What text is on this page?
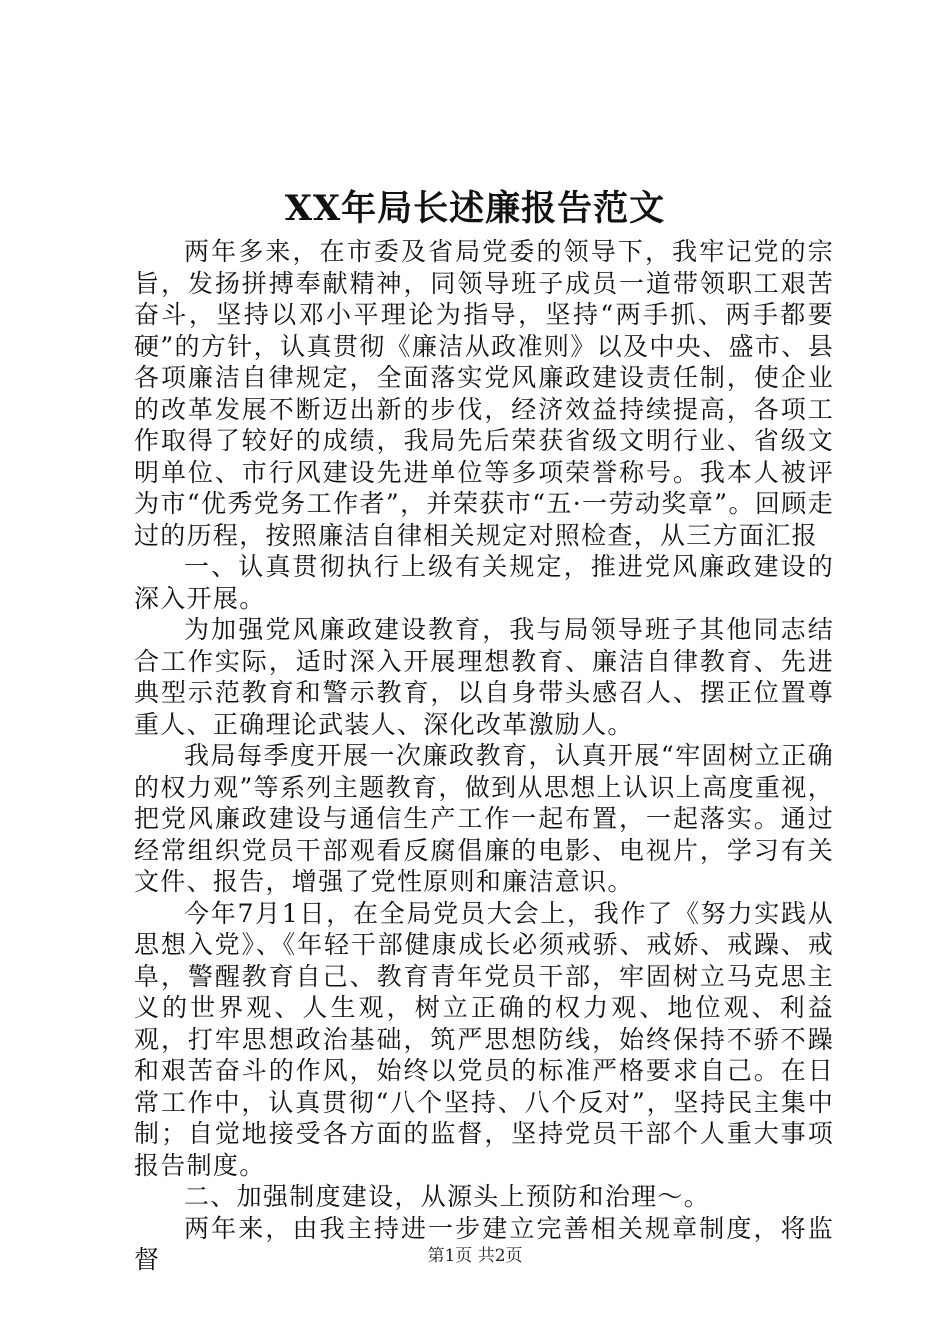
XX年局长述廉报告范文

两年多来，在市委及省局党委的领导下，我牢记党的宗旨，发扬拼搏奉献精神，同领导班子成员一道带领职工艰苦奋斗，坚持以邓小平理论为指导，坚持“两手抓、两手都要硬”的方针，认真贯彻《廉洁从政准则》以及中央、盛市、县各项廉洁自律规定，全面落实党风廉政建设责任制，使企业的改革发展不断迈出新的步伐，经济效益持续提高，各项工作取得了较好的成绩，我局先后荣获省级文明行业、省级文明单位、市行风建设先进单位等多项荣誉称号。我本人被评为市“优秀党务工作者”，并荣获市“五·一劳动奖章”。回顾走过的历程，按照廉洁自律相关规定对照检查，从三方面汇报

一、认真贯彻执行上级有关规定，推进党风廉政建设的深入开展。

为加强党风廉政建设教育，我与局领导班子其他同志结合工作实际，适时深入开展理想教育、廉洁自律教育、先进典型示范教育和警示教育，以自身带头感召人、摆正位置尊重人、正确理论武装人、深化改革激励人。

我局每季度开展一次廉政教育，认真开展“牢固树立正确的权力观”等系列主题教育，做到从思想上认识上高度重视，把党风廉政建设与通信生产工作一起布置，一起落实。通过经常组织党员干部观看反腐倡廉的电影、电视片，学习有关文件、报告，增强了党性原则和廉洁意识。

今年7月1日，在全局党员大会上，我作了《努力实践从思想入党》、《年轻干部健康成长必须戒骄、戒娇、戒躁、戒阜，警醒教育自己、教育青年党员干部，牢固树立马克思主义的世界观、人生观，树立正确的权力观、地位观、利益观，打牢思想政治基础，筑严思想防线，始终保持不骄不躁和艰苦奋斗的作风，始终以党员的标准严格要求自己。在日常工作中，认真贯彻“八个坚持、八个反对”，坚持民主集中制；自觉地接受各方面的监督，坚持党员干部个人重大事项报告制度。

二、加强制度建设，从源头上预防和治理～。

两年来，由我主持进一步建立完善相关规章制度，将监督	第1页 共2页
